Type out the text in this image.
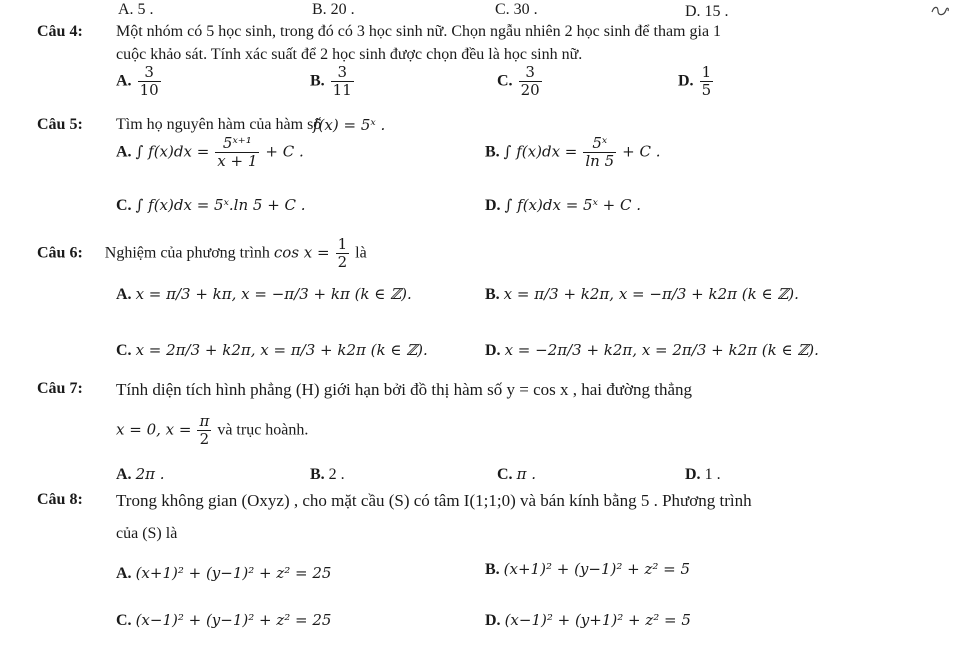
A. 5 .	B. 20 .	C. 30 .	D. 15 .
Câu 4: Một nhóm có 5 học sinh, trong đó có 3 học sinh nữ. Chọn ngẫu nhiên 2 học sinh để tham gia 1
cuộc khảo sát. Tính xác suất để 2 học sinh được chọn đều là học sinh nữ.
A. $\frac{3}{10}$	B. $\frac{3}{11}$	C. $\frac{3}{20}$	D. $\frac{1}{5}$
Câu 5: Tìm họ nguyên hàm của hàm số
f(x) = 5ˣ .
A. ∫ $f(x)dx = \frac{\text{5ˣ⁺¹}}{x + 1} + C$ .	B. ∫ $f(x)dx = \frac{\text{5ˣ}}{\ln 5} + C$ .
C. ∫ f(x)dx = 5ˣ.ln 5 + C .	D. ∫ f(x)dx = 5ˣ + C .
Câu 6: Nghiệm của phương trình $\cos x = \frac{1}{2}$ là
A. x = π/3 + kπ, x = −π/3 + kπ (k ∈ ℤ).	B. x = π/3 + k2π, x = −π/3 + k2π (k ∈ ℤ).
C. x = 2π/3 + k2π, x = π/3 + k2π (k ∈ ℤ).	D. x = −2π/3 + k2π, x = 2π/3 + k2π (k ∈ ℤ).
Câu 7: Tính diện tích hình phẳng (H) giới hạn bởi đồ thị hàm số y = cos x , hai đường thẳng
x = 0, $x = \frac{\pi}{2}$ và trục hoành.
A. 2π .	B. 2 .	C. π .	D. 1 .
Câu 8: Trong không gian (Oxyz) , cho mặt cầu (S) có tâm I(1;1;0) và bán kính bằng 5 . Phương trình
của (S) là
A. (x+1)² + (y−1)² + z² = 25	B. (x+1)² + (y−1)² + z² = 5
C. (x−1)² + (y−1)² + z² = 25	D. (x−1)² + (y+1)² + z² = 5
